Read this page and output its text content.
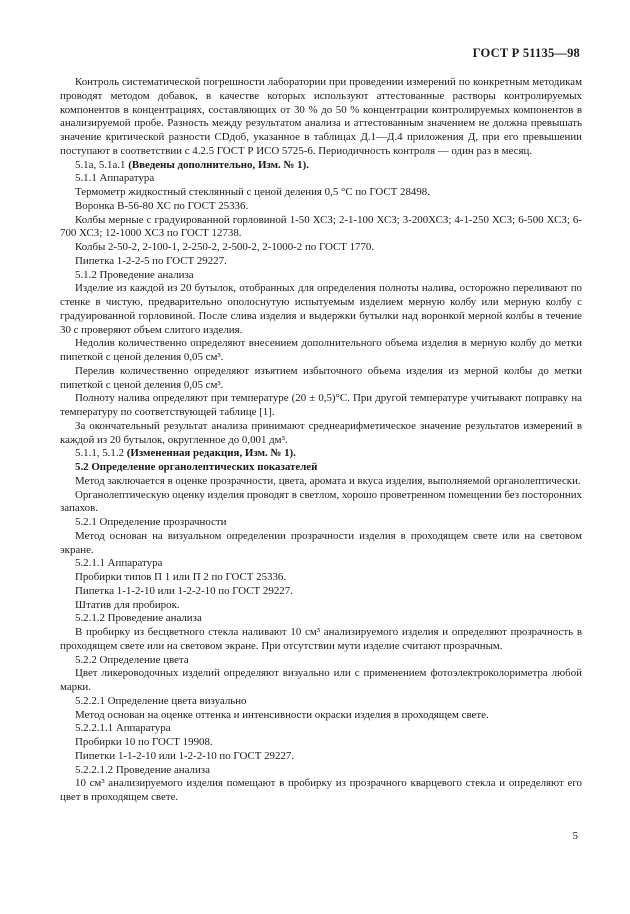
ГОСТ Р 51135—98

Контроль систематической погрешности лаборатории при проведении измерений по конкретным методикам проводят методом добавок, в качестве которых используют аттестованные растворы контролируемых компонентов в концентрациях, составляющих от 30 % до 50 % концентрации контролируемых компонентов в анализируемой пробе. Разность между результатом анализа и аттестованным значением не должна превышать значение критической разности CDдоб, указанное в таблицах Д.1—Д.4 приложения Д, при его превышении поступают в соответствии с 4.2.5 ГОСТ Р ИСО 5725-6. Периодичность контроля — один раз в месяц.

5.1а, 5.1а.1 (Введены дополнительно, Изм. № 1).

5.1.1 Аппаратура

Термометр жидкостный стеклянный с ценой деления 0,5 °С по ГОСТ 28498.

Воронка В-56-80 ХС по ГОСТ 25336.

Колбы мерные с градуированной горловиной 1-50 ХСЗ; 2-1-100 ХСЗ; 3-200ХСЗ; 4-1-250 ХСЗ; 6-500 ХСЗ; 6-700 ХСЗ; 12-1000 ХСЗ по ГОСТ 12738.

Колбы 2-50-2, 2-100-1, 2-250-2, 2-500-2, 2-1000-2 по ГОСТ 1770.

Пипетка 1-2-2-5 по ГОСТ 29227.

5.1.2 Проведение анализа

Изделие из каждой из 20 бутылок, отобранных для определения полноты налива, осторожно переливают по стенке в чистую, предварительно ополоснутую испытуемым изделием мерную колбу или мерную колбу с градуированной горловиной. После слива изделия и выдержки бутылки над воронкой мерной колбы в течение 30 с проверяют объем слитого изделия.

Недолив количественно определяют внесением дополнительного объема изделия в мерную колбу до метки пипеткой с ценой деления 0,05 см³.

Перелив количественно определяют изъятием избыточного объема изделия из мерной колбы до метки пипеткой с ценой деления 0,05 см³.

Полноту налива определяют при температуре (20 ± 0,5)°С. При другой температуре учитывают поправку на температуру по соответствующей таблице [1].

За окончательный результат анализа принимают среднеарифметическое значение результатов измерений в каждой из 20 бутылок, округленное до 0,001 дм³.

5.1.1, 5.1.2 (Измененная редакция, Изм. № 1).

5.2 Определение органолептических показателей

Метод заключается в оценке прозрачности, цвета, аромата и вкуса изделия, выполняемой органолептически.

Органолептическую оценку изделия проводят в светлом, хорошо проветренном помещении без посторонних запахов.

5.2.1 Определение прозрачности

Метод основан на визуальном определении прозрачности изделия в проходящем свете или на световом экране.

5.2.1.1 Аппаратура

Пробирки типов П 1 или П 2 по ГОСТ 25336.

Пипетка 1-1-2-10 или 1-2-2-10 по ГОСТ 29227.

Штатив для пробирок.

5.2.1.2 Проведение анализа

В пробирку из бесцветного стекла наливают 10 см³ анализируемого изделия и определяют прозрачность в проходящем свете или на световом экране. При отсутствии мути изделие считают прозрачным.

5.2.2 Определение цвета

Цвет ликероводочных изделий определяют визуально или с применением фотоэлектроколориметра любой марки.

5.2.2.1 Определение цвета визуально

Метод основан на оценке оттенка и интенсивности окраски изделия в проходящем свете.

5.2.2.1.1 Аппаратура

Пробирки 10 по ГОСТ 19908.

Пипетки 1-1-2-10 или 1-2-2-10 по ГОСТ 29227.

5.2.2.1.2 Проведение анализа

10 см³ анализируемого изделия помещают в пробирку из прозрачного кварцевого стекла и определяют его цвет в проходящем свете.

5
